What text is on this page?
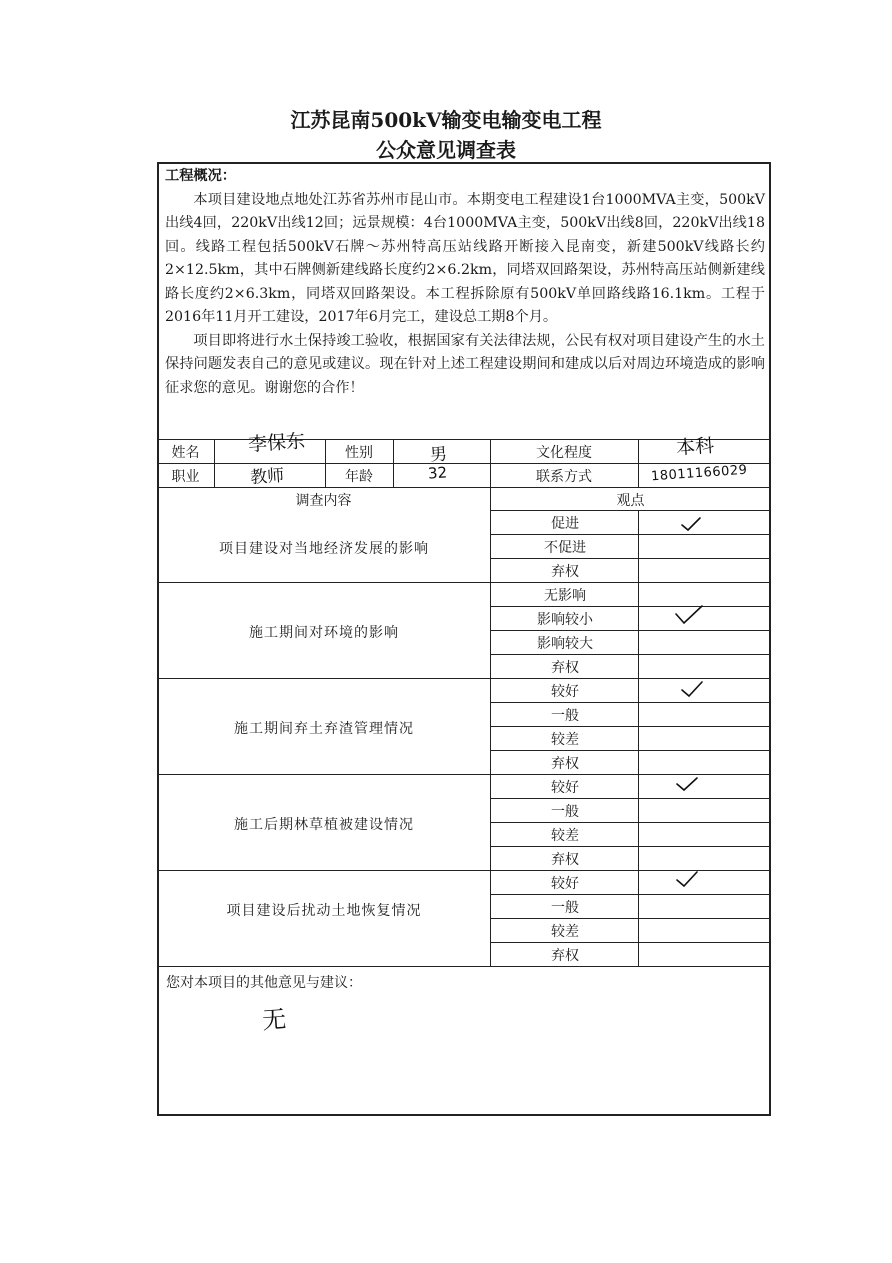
江苏昆南500kV输变电输变电工程
公众意见调查表
工程概况：

本项目建设地点地处江苏省苏州市昆山市。本期变电工程建设1台1000MVA主变，500kV出线4回，220kV出线12回；远景规模：4台1000MVA主变，500kV出线8回，220kV出线18回。线路工程包括500kV石牌～苏州特高压站线路开断接入昆南变，新建500kV线路长约2×12.5km，其中石牌侧新建线路长度约2×6.2km，同塔双回路架设，苏州特高压站侧新建线路长度约2×6.3km，同塔双回路架设。本工程拆除原有500kV单回路线路16.1km。工程于2016年11月开工建设，2017年6月完工，建设总工期8个月。

项目即将进行水土保持竣工验收，根据国家有关法律法规，公民有权对项目建设产生的水土保持问题发表自己的意见或建议。现在针对上述工程建设期间和建成以后对周边环境造成的影响征求您的意见。谢谢您的合作！

姓名
职业
性别
年龄
文化程度
联系方式
李保东
教师
男
32
本科
18011166029
调查内容	观点
促进
不促进
弃权
无影响
影响较小
影响较大
弃权
较好
一般
较差
弃权
较好
一般
较差
弃权
较好
一般
较差
弃权
项目建设对当地经济发展的影响
施工期间对环境的影响
施工期间弃土弃渣管理情况
施工后期林草植被建设情况
项目建设后扰动土地恢复情况
您对本项目的其他意见与建议：
无
